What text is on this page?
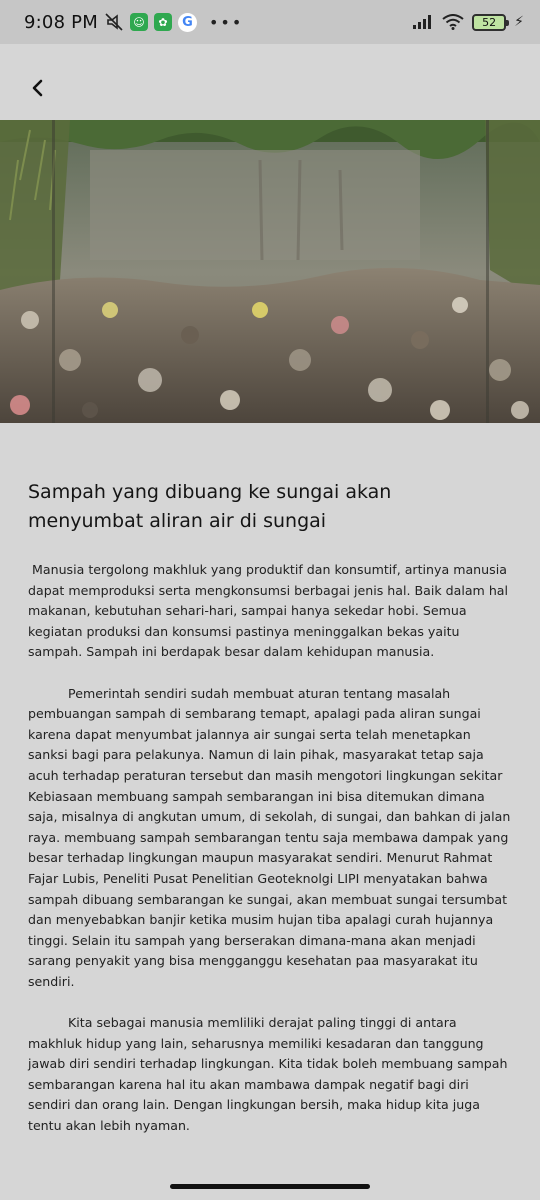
9:08 PM	☺	✿	G •••	52 ⚡
Sampah yang dibuang ke sungai akan menyumbat aliran air di sungai

Manusia tergolong makhluk yang produktif dan konsumtif, artinya manusia dapat memproduksi serta mengkonsumsi berbagai jenis hal. Baik dalam hal makanan, kebutuhan sehari-hari, sampai hanya sekedar hobi. Semua kegiatan produksi dan konsumsi pastinya meninggalkan bekas yaitu sampah. Sampah ini berdapak besar dalam kehidupan manusia.

Pemerintah sendiri sudah membuat aturan tentang masalah pembuangan sampah di sembarang temapt, apalagi pada aliran sungai karena dapat menyumbat jalannya air sungai serta telah menetapkan sanksi bagi para pelakunya. Namun di lain pihak, masyarakat tetap saja acuh terhadap peraturan tersebut dan masih mengotori lingkungan sekitar Kebiasaan membuang sampah sembarangan ini bisa ditemukan dimana saja, misalnya di angkutan umum, di sekolah, di sungai, dan bahkan di jalan raya. membuang sampah sembarangan tentu saja membawa dampak yang besar terhadap lingkungan maupun masyarakat sendiri. Menurut Rahmat Fajar Lubis, Peneliti Pusat Penelitian Geoteknolgi LIPI menyatakan bahwa sampah dibuang sembarangan ke sungai, akan membuat sungai tersumbat dan menyebabkan banjir ketika musim hujan tiba apalagi curah hujannya tinggi. Selain itu sampah yang berserakan dimana-mana akan menjadi sarang penyakit yang bisa mengganggu kesehatan paa masyarakat itu sendiri.

Kita sebagai manusia memliliki derajat paling tinggi di antara makhluk hidup yang lain, seharusnya memiliki kesadaran dan tanggung jawab diri sendiri terhadap lingkungan. Kita tidak boleh membuang sampah sembarangan karena hal itu akan mambawa dampak negatif bagi diri sendiri dan orang lain. Dengan lingkungan bersih, maka hidup kita juga tentu akan lebih nyaman.
